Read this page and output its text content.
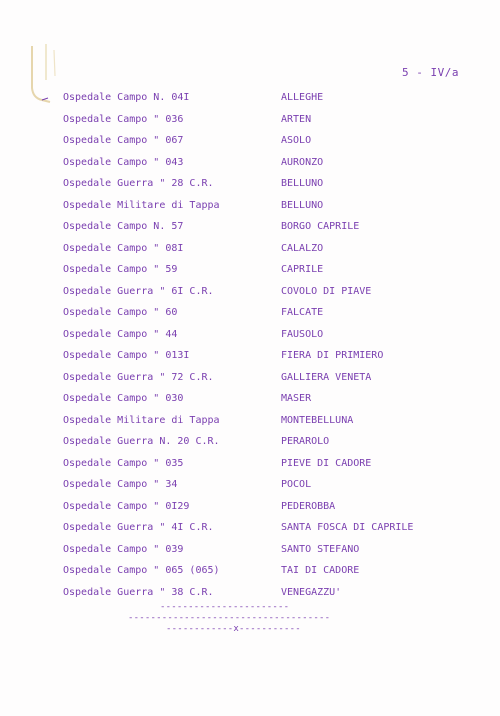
5 - IV/a
Ospedale Campo N. 04I	ALLEGHE
Ospedale Campo " 036	ARTEN
Ospedale Campo " 067	ASOLO
Ospedale Campo " 043	AURONZO
Ospedale Guerra " 28 C.R.	BELLUNO
Ospedale Militare di Tappa	BELLUNO
Ospedale Campo N. 57	BORGO CAPRILE
Ospedale Campo " 08I	CALALZO
Ospedale Campo " 59	CAPRILE
Ospedale Guerra " 6I C.R.	COVOLO DI PIAVE
Ospedale Campo " 60	FALCATE
Ospedale Campo " 44	FAUSOLO
Ospedale Campo " 013I	FIERA DI PRIMIERO
Ospedale Guerra " 72 C.R.	GALLIERA VENETA
Ospedale Campo " 030	MASER
Ospedale Militare di Tappa	MONTEBELLUNA
Ospedale Guerra N. 20 C.R.	PERAROLO
Ospedale Campo " 035	PIEVE DI CADORE
Ospedale Campo " 34	POCOL
Ospedale Campo " 0I29	PEDEROBBA
Ospedale Guerra " 4I C.R.	SANTA FOSCA DI CAPRILE
Ospedale Campo " 039	SANTO STEFANO
Ospedale Campo " 065 (065)	TAI DI CADORE
Ospedale Guerra " 38 C.R.	VENEGAZZU'
-----------------------
------------------------------------
------------x-----------
